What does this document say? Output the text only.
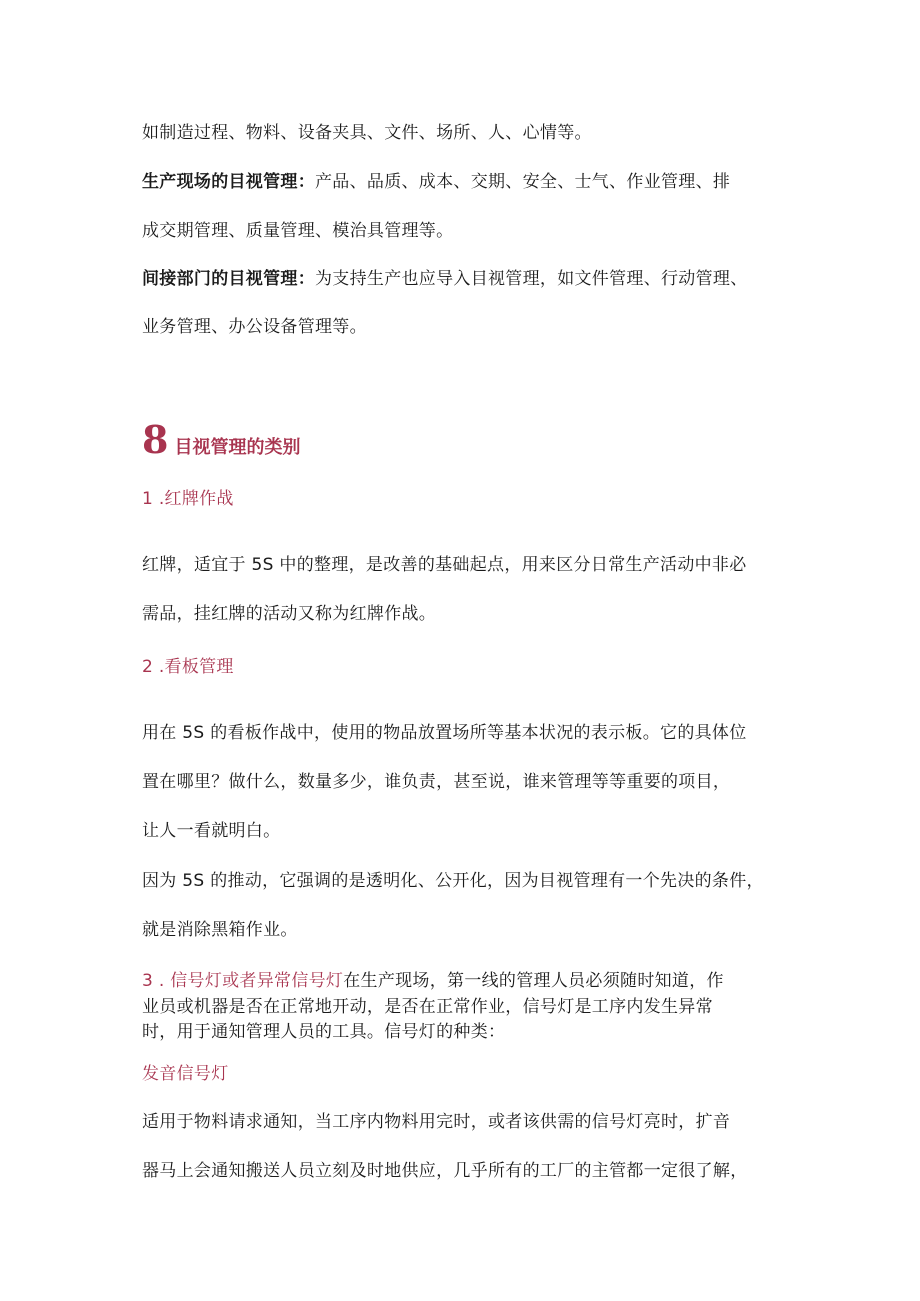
如制造过程、物料、设备夹具、文件、场所、人、心情等。
生产现场的目视管理：产品、品质、成本、交期、安全、士气、作业管理、排
成交期管理、质量管理、模治具管理等。
间接部门的目视管理：为支持生产也应导入目视管理，如文件管理、行动管理、
业务管理、办公设备管理等。
8 目视管理的类别
1 .红牌作战
红牌，适宜于 5S 中的整理，是改善的基础起点，用来区分日常生产活动中非必
需品，挂红牌的活动又称为红牌作战。
2 .看板管理
用在 5S 的看板作战中，使用的物品放置场所等基本状况的表示板。它的具体位
置在哪里？做什么，数量多少，谁负责，甚至说，谁来管理等等重要的项目，
让人一看就明白。
因为 5S 的推动，它强调的是透明化、公开化，因为目视管理有一个先决的条件，
就是消除黑箱作业。
3 . 信号灯或者异常信号灯在生产现场，第一线的管理人员必须随时知道，作
业员或机器是否在正常地开动，是否在正常作业，信号灯是工序内发生异常
时，用于通知管理人员的工具。信号灯的种类：
发音信号灯
适用于物料请求通知，当工序内物料用完时，或者该供需的信号灯亮时，扩音
器马上会通知搬送人员立刻及时地供应，几乎所有的工厂的主管都一定很了解，
